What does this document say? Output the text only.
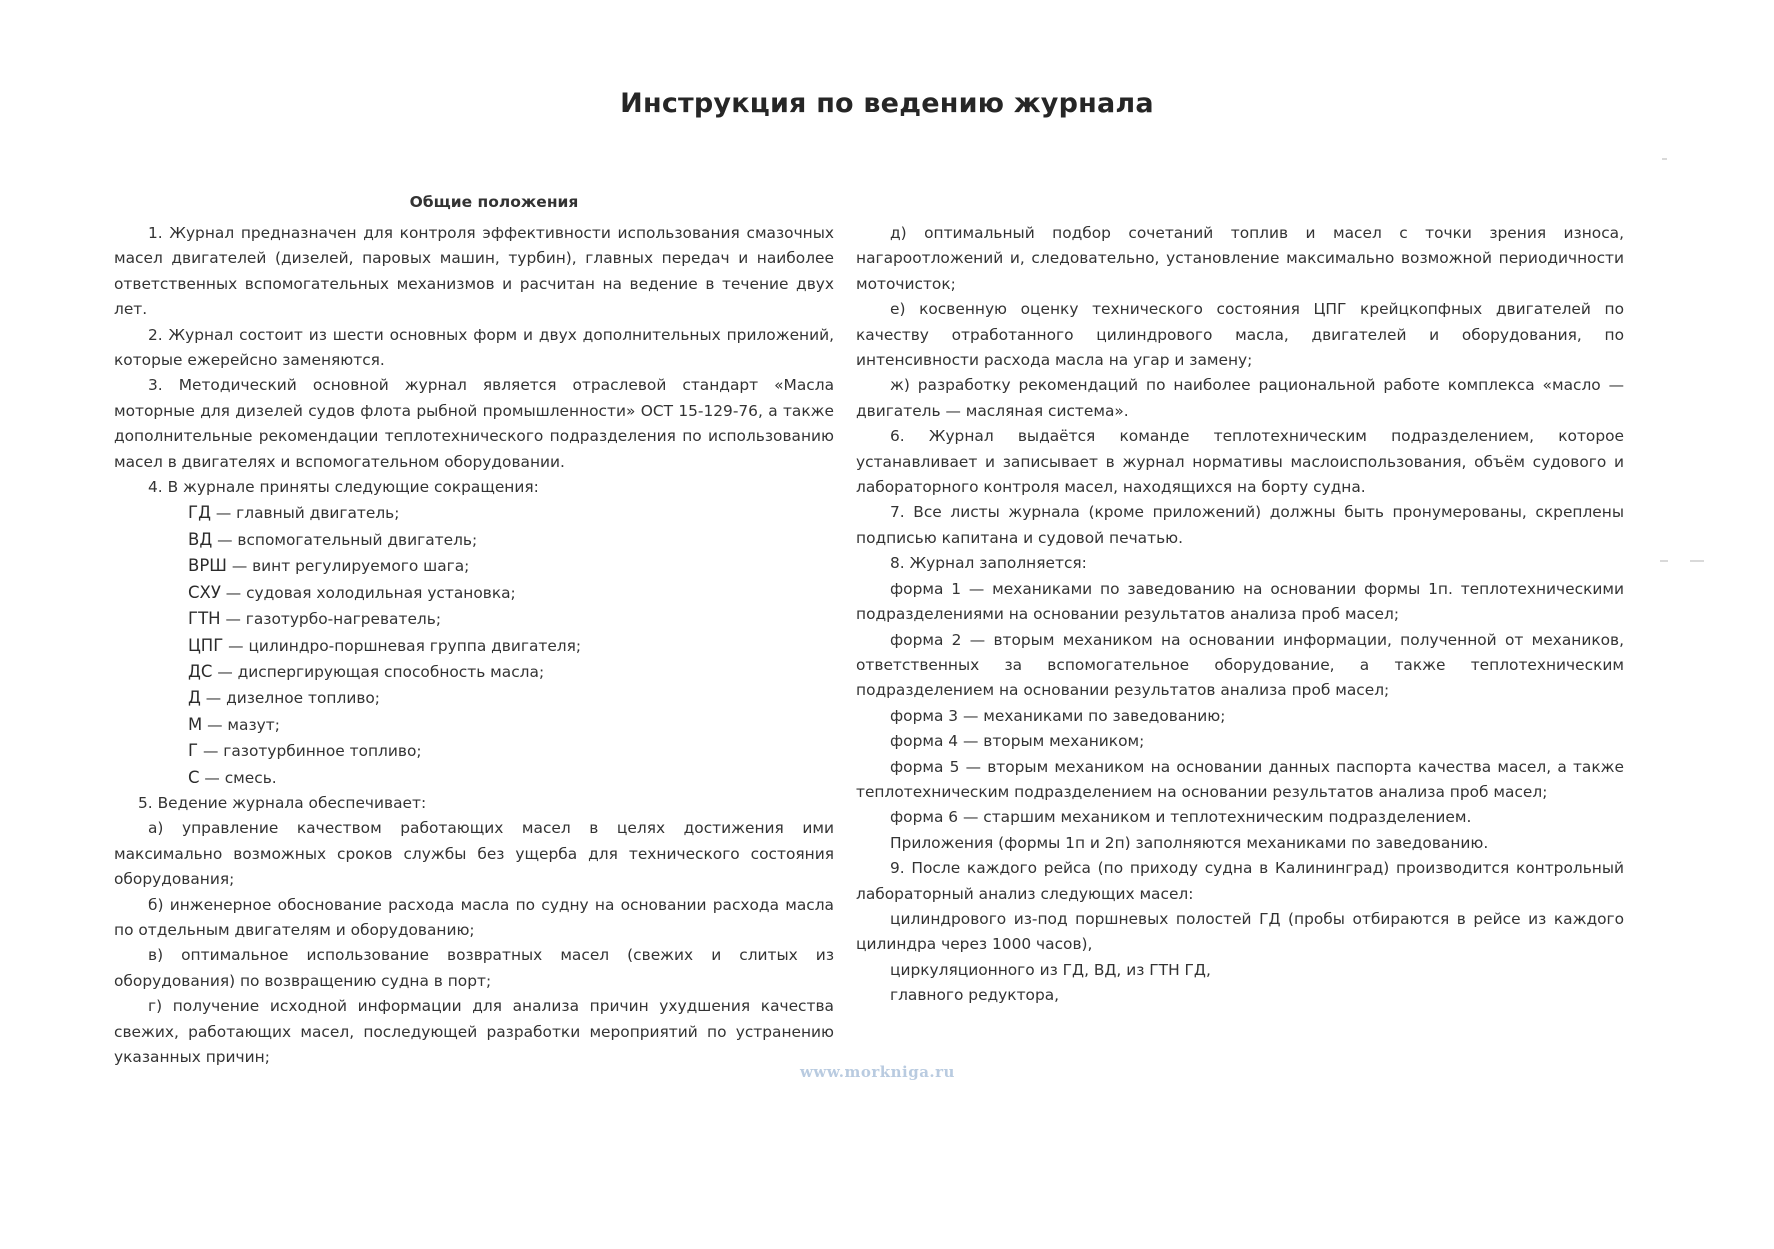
Инструкция по ведению журнала
Общие положения

1. Журнал предназначен для контроля эффективности использования смазочных масел двигателей (дизелей, паровых машин, турбин), главных передач и наиболее ответственных вспомогательных механизмов и расчитан на ведение в течение двух лет.

2. Журнал состоит из шести основных форм и двух дополнительных приложений, которые ежерейсно заменяются.

3. Методический основной журнал является отраслевой стандарт «Масла моторные для дизелей судов флота рыбной промышленности» ОСТ 15-129-76, а также дополнительные рекомендации теплотехнического подразделения по использованию масел в двигателях и вспомогательном оборудовании.

4. В журнале приняты следующие сокращения:

ГД — главный двигатель;

ВД — вспомогательный двигатель;

ВРШ — винт регулируемого шага;

СХУ — судовая холодильная установка;

ГТН — газотурбо-нагреватель;

ЦПГ — цилиндро-поршневая группа двигателя;

ДС — диспергирующая способность масла;

Д — дизелное топливо;

М — мазут;

Г — газотурбинное топливо;

С — смесь.

5. Ведение журнала обеспечивает:

а) управление качеством работающих масел в целях достижения ими максимально возможных сроков службы без ущерба для технического состояния оборудования;

б) инженерное обоснование расхода масла по судну на основании расхода масла по отдельным двигателям и оборудованию;

в) оптимальное использование возвратных масел (свежих и слитых из оборудования) по возвращению судна в порт;

г) получение исходной информации для анализа причин ухудшения качества свежих, работающих масел, последующей разработки мероприятий по устранению указанных причин;

д) оптимальный подбор сочетаний топлив и масел с точки зрения износа, нагароотложений и, следовательно, установление максимально возможной периодичности моточисток;

е) косвенную оценку технического состояния ЦПГ крейцкопфных двигателей по качеству отработанного цилиндрового масла, двигателей и оборудования, по интенсивности расхода масла на угар и замену;

ж) разработку рекомендаций по наиболее рациональной работе комплекса «масло — двигатель — масляная система».

6. Журнал выдаётся команде теплотехническим подразделением, которое устанавливает и записывает в журнал нормативы маслоиспользования, объём судового и лабораторного контроля масел, находящихся на борту судна.

7. Все листы журнала (кроме приложений) должны быть пронумерованы, скреплены подписью капитана и судовой печатью.

8. Журнал заполняется:

форма 1 — механиками по заведованию на основании формы 1п. теплотехническими подразделениями на основании результатов анализа проб масел;

форма 2 — вторым механиком на основании информации, полученной от механиков, ответственных за вспомогательное оборудование, а также теплотехническим подразделением на основании результатов анализа проб масел;

форма 3 — механиками по заведованию;

форма 4 — вторым механиком;

форма 5 — вторым механиком на основании данных паспорта качества масел, а также теплотехническим подразделением на основании результатов анализа проб масел;

форма 6 — старшим механиком и теплотехническим подразделением.

Приложения (формы 1п и 2п) заполняются механиками по заведованию.

9. После каждого рейса (по приходу судна в Калининград) производится контрольный лабораторный анализ следующих масел:

цилиндрового из-под поршневых полостей ГД (пробы отбираются в рейсе из каждого цилиндра через 1000 часов),

циркуляционного из ГД, ВД, из ГТН ГД,

главного редуктора,

www.morkniga.ru
